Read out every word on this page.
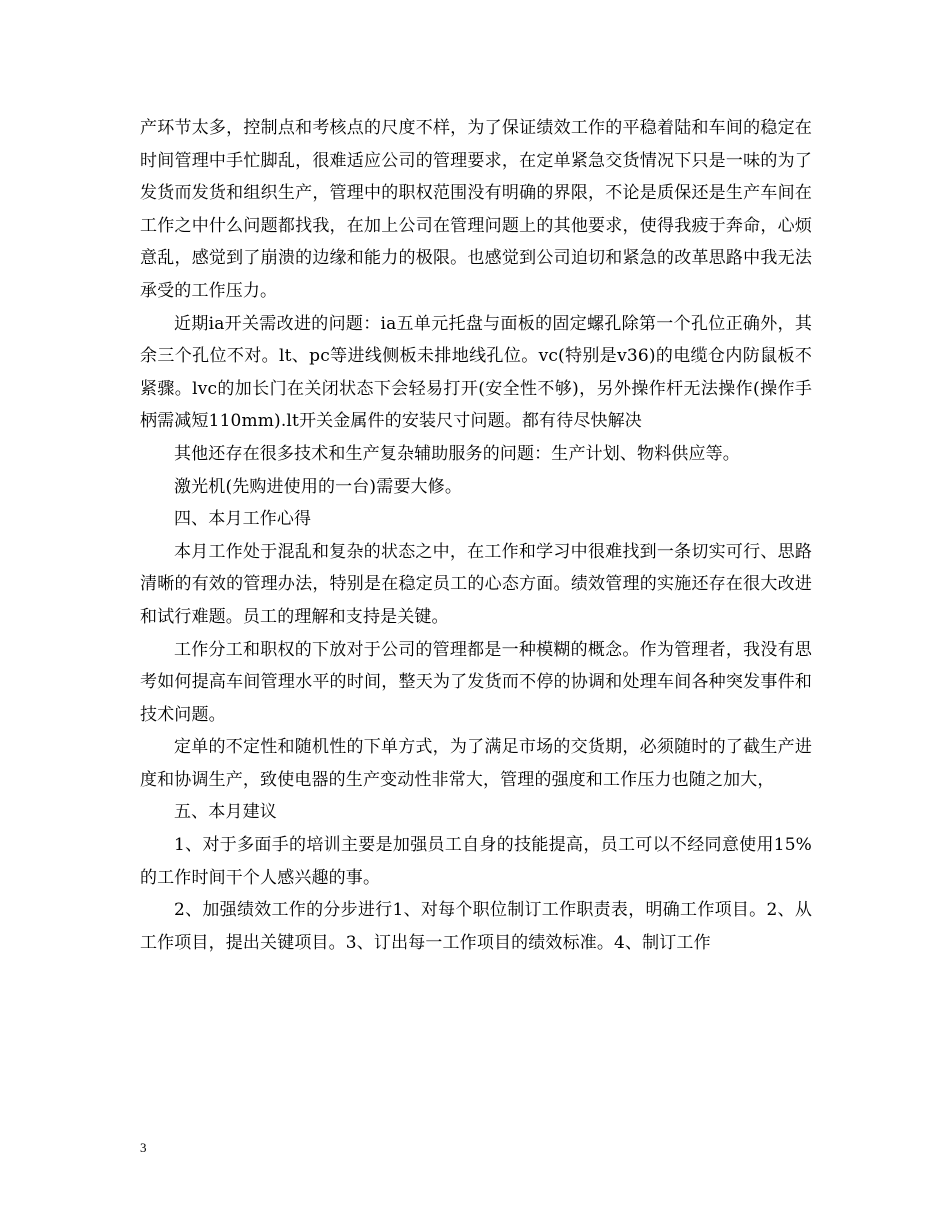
产环节太多，控制点和考核点的尺度不样，为了保证绩效工作的平稳着陆和车间的稳定在时间管理中手忙脚乱，很难适应公司的管理要求，在定单紧急交货情况下只是一味的为了发货而发货和组织生产，管理中的职权范围没有明确的界限，不论是质保还是生产车间在工作之中什么问题都找我，在加上公司在管理问题上的其他要求，使得我疲于奔命，心烦意乱，感觉到了崩溃的边缘和能力的极限。也感觉到公司迫切和紧急的改革思路中我无法承受的工作压力。

近期ia开关需改进的问题：ia五单元托盘与面板的固定螺孔除第一个孔位正确外，其余三个孔位不对。lt、pc等进线侧板未排地线孔位。vc(特别是v36)的电缆仓内防鼠板不紧骤。lvc的加长门在关闭状态下会轻易打开(安全性不够)，另外操作杆无法操作(操作手柄需减短110mm).lt开关金属件的安装尺寸问题。都有待尽快解决

其他还存在很多技术和生产复杂辅助服务的问题：生产计划、物料供应等。

激光机(先购进使用的一台)需要大修。

四、本月工作心得

本月工作处于混乱和复杂的状态之中，在工作和学习中很难找到一条切实可行、思路清晰的有效的管理办法，特别是在稳定员工的心态方面。绩效管理的实施还存在很大改进和试行难题。员工的理解和支持是关键。

工作分工和职权的下放对于公司的管理都是一种模糊的概念。作为管理者，我没有思考如何提高车间管理水平的时间，整天为了发货而不停的协调和处理车间各种突发事件和技术问题。

定单的不定性和随机性的下单方式，为了满足市场的交货期，必须随时的了截生产进度和协调生产，致使电器的生产变动性非常大，管理的强度和工作压力也随之加大，

五、本月建议

1、对于多面手的培训主要是加强员工自身的技能提高，员工可以不经同意使用15%的工作时间干个人感兴趣的事。

2、加强绩效工作的分步进行1、对每个职位制订工作职责表，明确工作项目。2、从工作项目，提出关键项目。3、订出每一工作项目的绩效标准。4、制订工作

3
